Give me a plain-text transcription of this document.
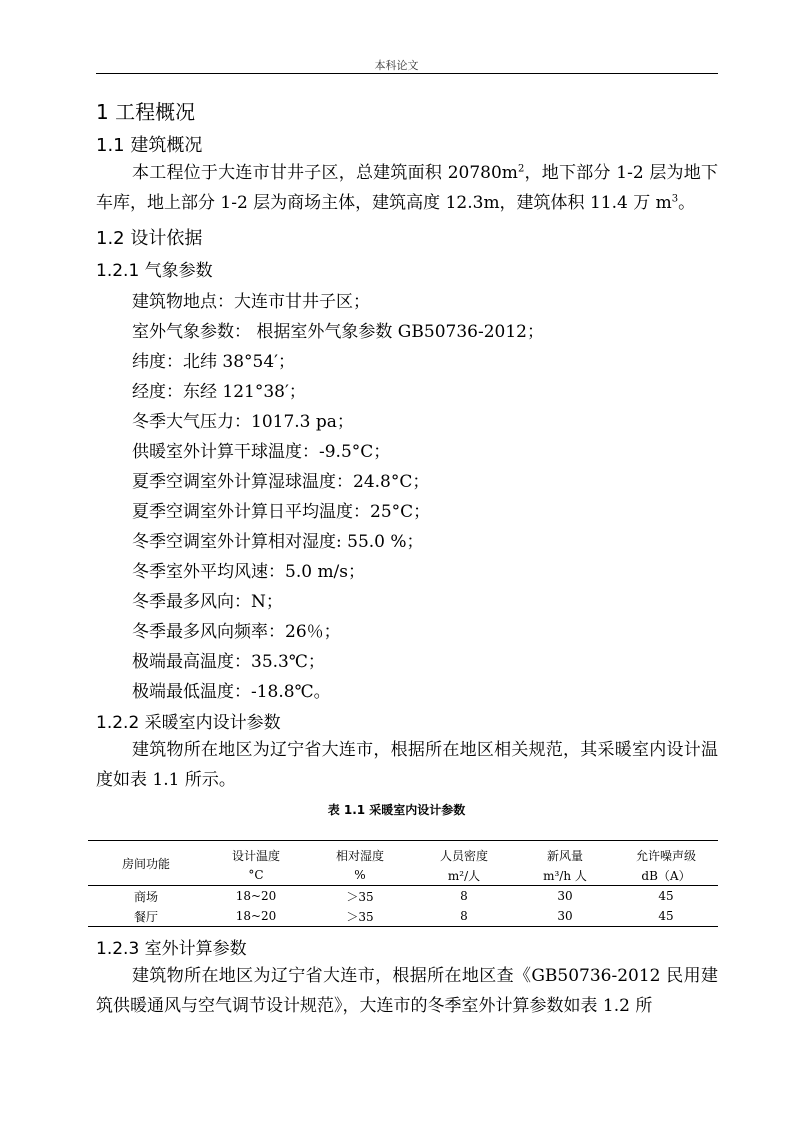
本科论文
1 工程概况
1.1 建筑概况
本工程位于大连市甘井子区，总建筑面积 $20780m^2$，地下部分 1-2 层为地下车库，地上部分 1-2 层为商场主体，建筑高度 12.3m，建筑体积 11.4 万 $m^3$。
1.2 设计依据
1.2.1 气象参数
建筑物地点：大连市甘井子区；
室外气象参数： 根据室外气象参数 GB50736-2012；
纬度：北纬 38°54′；
经度：东经 121°38′；
冬季大气压力：1017.3 pa；
供暖室外计算干球温度：-9.5°C；
夏季空调室外计算湿球温度：24.8°C；
夏季空调室外计算日平均温度：25°C；
冬季空调室外计算相对湿度: 55.0 %；
冬季室外平均风速：5.0 m/s；
冬季最多风向：N；
冬季最多风向频率：26％；
极端最高温度：35.3℃；
极端最低温度：-18.8℃。
1.2.2 采暖室内设计参数
建筑物所在地区为辽宁省大连市，根据所在地区相关规范，其采暖室内设计温度如表 1.1 所示。
表 1.1 采暖室内设计参数
房间功能	设计温度	相对湿度	人员密度	新风量	允许噪声级
	°C	%	m²/人	m³/h 人	dB（A）
商场	18~20	＞35	8	30	45
餐厅	18~20	＞35	8	30	45
1.2.3 室外计算参数
建筑物所在地区为辽宁省大连市，根据所在地区查《GB50736-2012 民用建筑供暖通风与空气调节设计规范》，大连市的冬季室外计算参数如表 1.2 所
